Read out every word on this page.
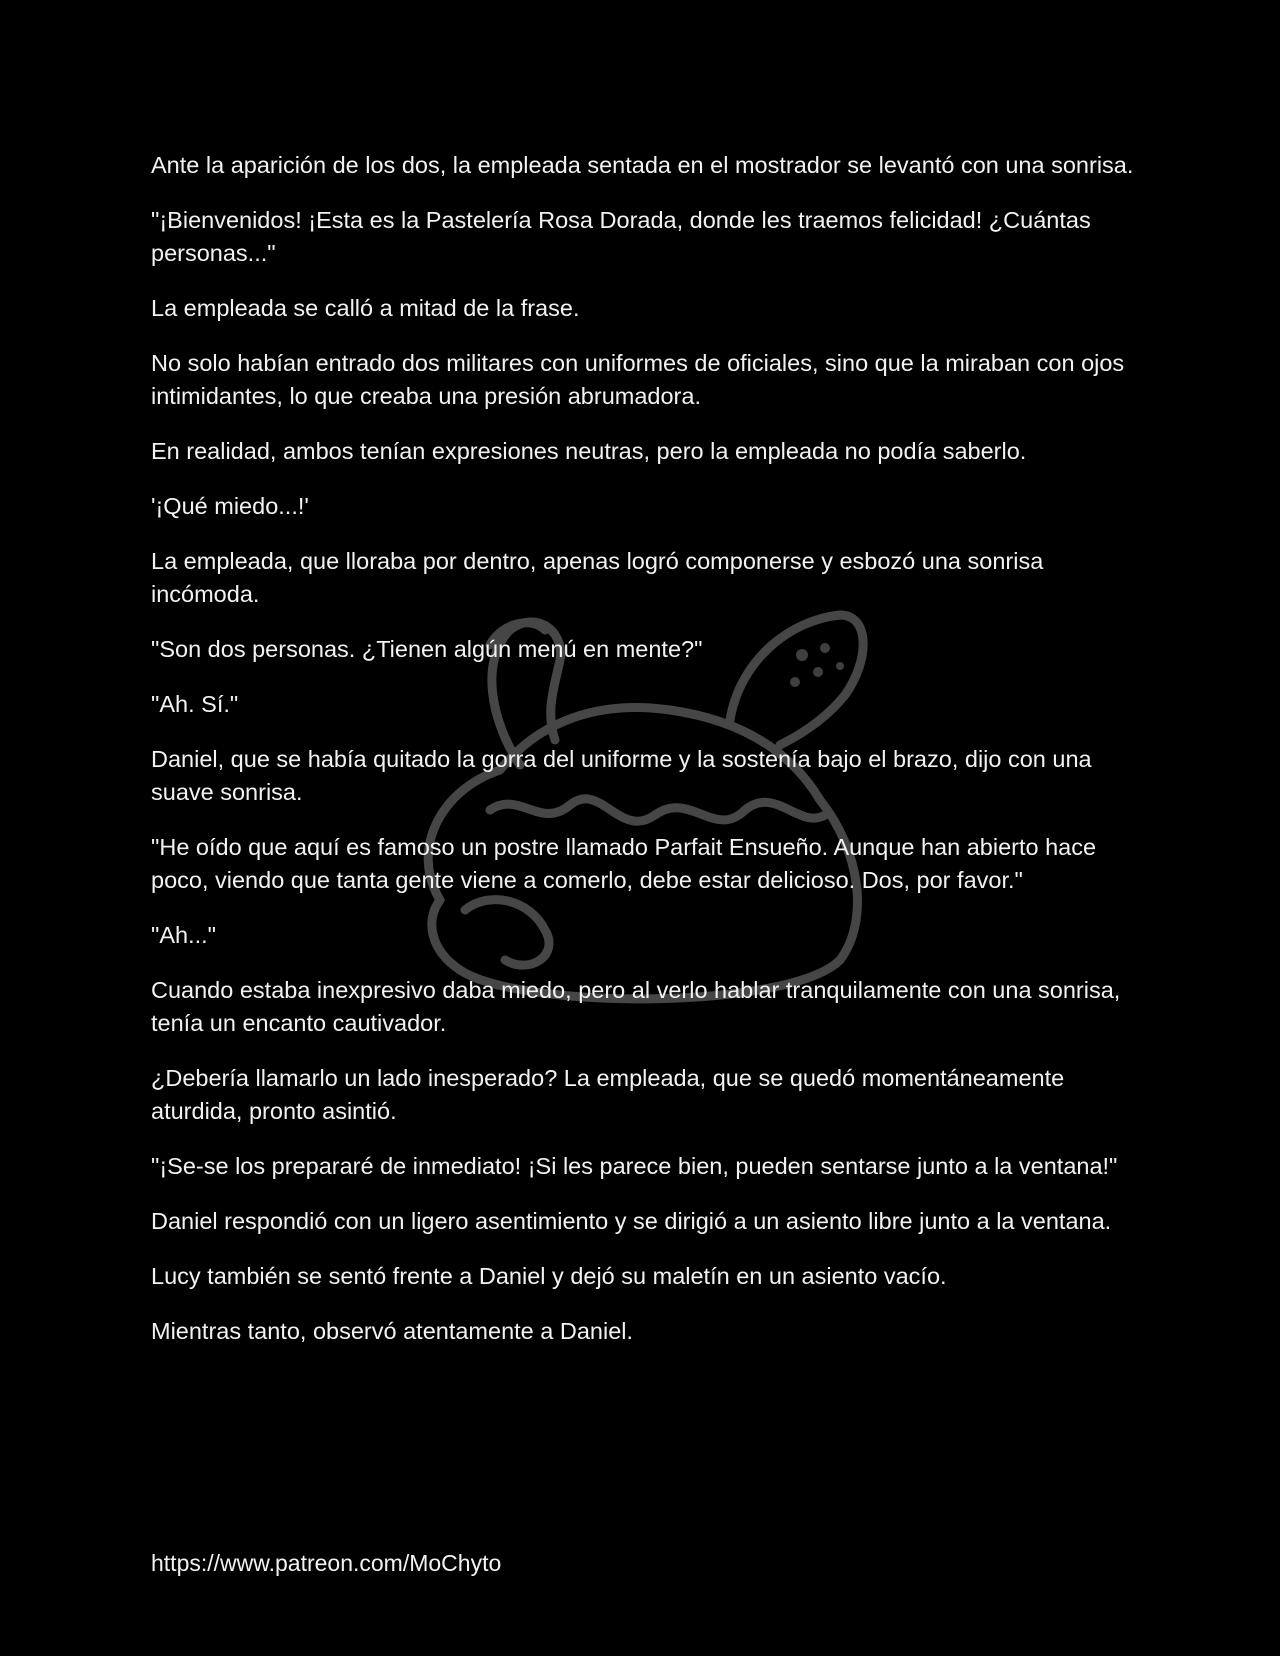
Ante la aparición de los dos, la empleada sentada en el mostrador se levantó con una sonrisa.

"¡Bienvenidos! ¡Esta es la Pastelería Rosa Dorada, donde les traemos felicidad! ¿Cuántas personas..."

La empleada se calló a mitad de la frase.

No solo habían entrado dos militares con uniformes de oficiales, sino que la miraban con ojos intimidantes, lo que creaba una presión abrumadora.

En realidad, ambos tenían expresiones neutras, pero la empleada no podía saberlo.

'¡Qué miedo...!'

La empleada, que lloraba por dentro, apenas logró componerse y esbozó una sonrisa incómoda.

"Son dos personas. ¿Tienen algún menú en mente?"

"Ah. Sí."

Daniel, que se había quitado la gorra del uniforme y la sostenía bajo el brazo, dijo con una suave sonrisa.

"He oído que aquí es famoso un postre llamado Parfait Ensueño. Aunque han abierto hace poco, viendo que tanta gente viene a comerlo, debe estar delicioso. Dos, por favor."

"Ah..."

Cuando estaba inexpresivo daba miedo, pero al verlo hablar tranquilamente con una sonrisa, tenía un encanto cautivador.

¿Debería llamarlo un lado inesperado? La empleada, que se quedó momentáneamente aturdida, pronto asintió.

"¡Se-se los prepararé de inmediato! ¡Si les parece bien, pueden sentarse junto a la ventana!"

Daniel respondió con un ligero asentimiento y se dirigió a un asiento libre junto a la ventana.

Lucy también se sentó frente a Daniel y dejó su maletín en un asiento vacío.

Mientras tanto, observó atentamente a Daniel.

https://www.patreon.com/MoChyto
